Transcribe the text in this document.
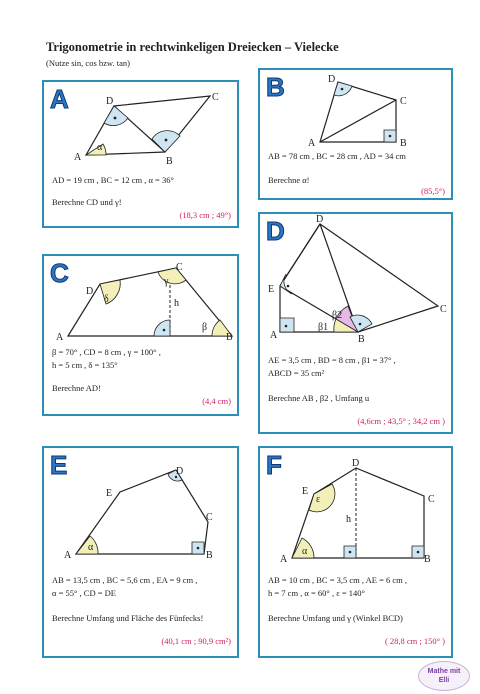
Trigonometrie in rechtwinkeligen Dreiecken – Vielecke
(Nutze sin, cos bzw. tan)
A
A	B
C
D
α
AD = 19 cm , BC = 12 cm , α = 36°
Berechne CD und γ!
(18,3 cm ; 49°)
B
A	B
C
D
AB = 78 cm , BC = 28 cm , AD = 34 cm
Berechne α!
(85,5°)
C
A	B
C
D
δ
γ
β
h
β = 70° , CD = 8 cm , γ = 100° ,
h = 5 cm , δ = 135°
Berechne AD!
(4,4 cm)
D
A	B
C
D
E
β1
β2
AE = 3,5 cm , BD = 8 cm , β1 = 37° ,
ABCD = 35 cm²
Berechne AB , β2 , Umfang u
(4,6cm ; 43,5° ; 34,2 cm )
E
A	B
C
D
E
α
AB = 13,5 cm , BC = 5,6 cm , EA = 9 cm ,
α = 55° , CD = DE
Berechne Umfang und Fläche des Fünfecks!
(40,1 cm ; 90,9 cm²)
F
A	B
C
D
E
α
ε
h
AB = 10 cm , BC = 3,5 cm , AE = 6 cm ,
h = 7 cm , α = 60° , ε = 140°
Berechne Umfang und γ (Winkel BCD)
( 28,8 cm ; 150° )
Mathe mit
Elli
